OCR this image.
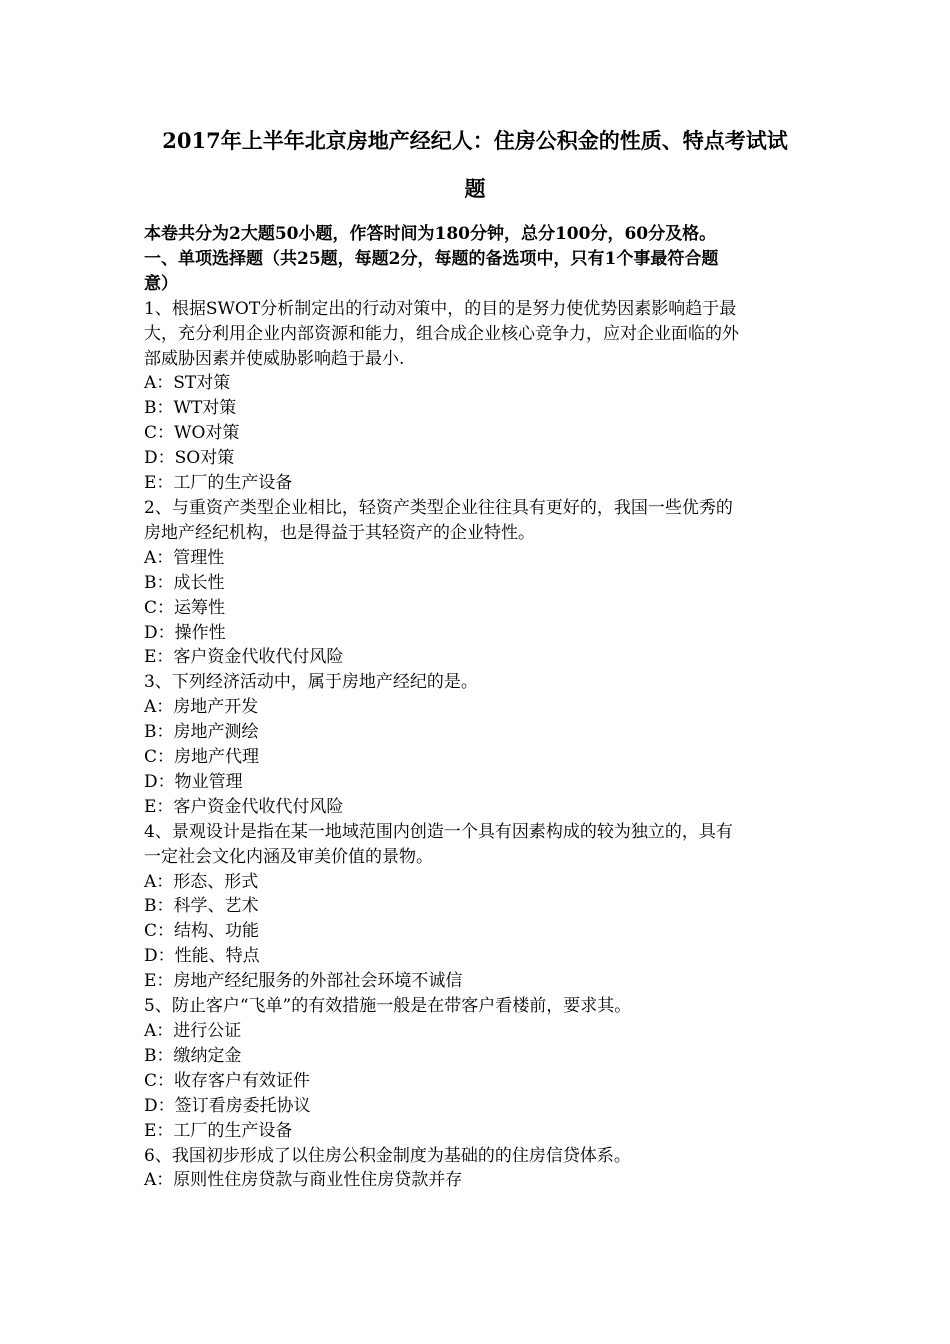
2017年上半年北京房地产经纪人：住房公积金的性质、特点考试试
题

本卷共分为2大题50小题，作答时间为180分钟，总分100分，60分及格。

一、单项选择题（共25题，每题2分，每题的备选项中，只有1个事最符合题

意）

1、根据SWOT分析制定出的行动对策中，的目的是努力使优势因素影响趋于最

大，充分利用企业内部资源和能力，组合成企业核心竞争力，应对企业面临的外

部威胁因素并使威胁影响趋于最小.

A：ST对策

B：WT对策

C：WO对策

D：SO对策

E：工厂的生产设备

2、与重资产类型企业相比，轻资产类型企业往往具有更好的，我国一些优秀的

房地产经纪机构，也是得益于其轻资产的企业特性。

A：管理性

B：成长性

C：运筹性

D：操作性

E：客户资金代收代付风险

3、下列经济活动中，属于房地产经纪的是。

A：房地产开发

B：房地产测绘

C：房地产代理

D：物业管理

E：客户资金代收代付风险

4、景观设计是指在某一地域范围内创造一个具有因素构成的较为独立的，具有

一定社会文化内涵及审美价值的景物。

A：形态、形式

B：科学、艺术

C：结构、功能

D：性能、特点

E：房地产经纪服务的外部社会环境不诚信

5、防止客户“飞单”的有效措施一般是在带客户看楼前，要求其。

A：进行公证

B：缴纳定金

C：收存客户有效证件

D：签订看房委托协议

E：工厂的生产设备

6、我国初步形成了以住房公积金制度为基础的的住房信贷体系。

A：原则性住房贷款与商业性住房贷款并存
